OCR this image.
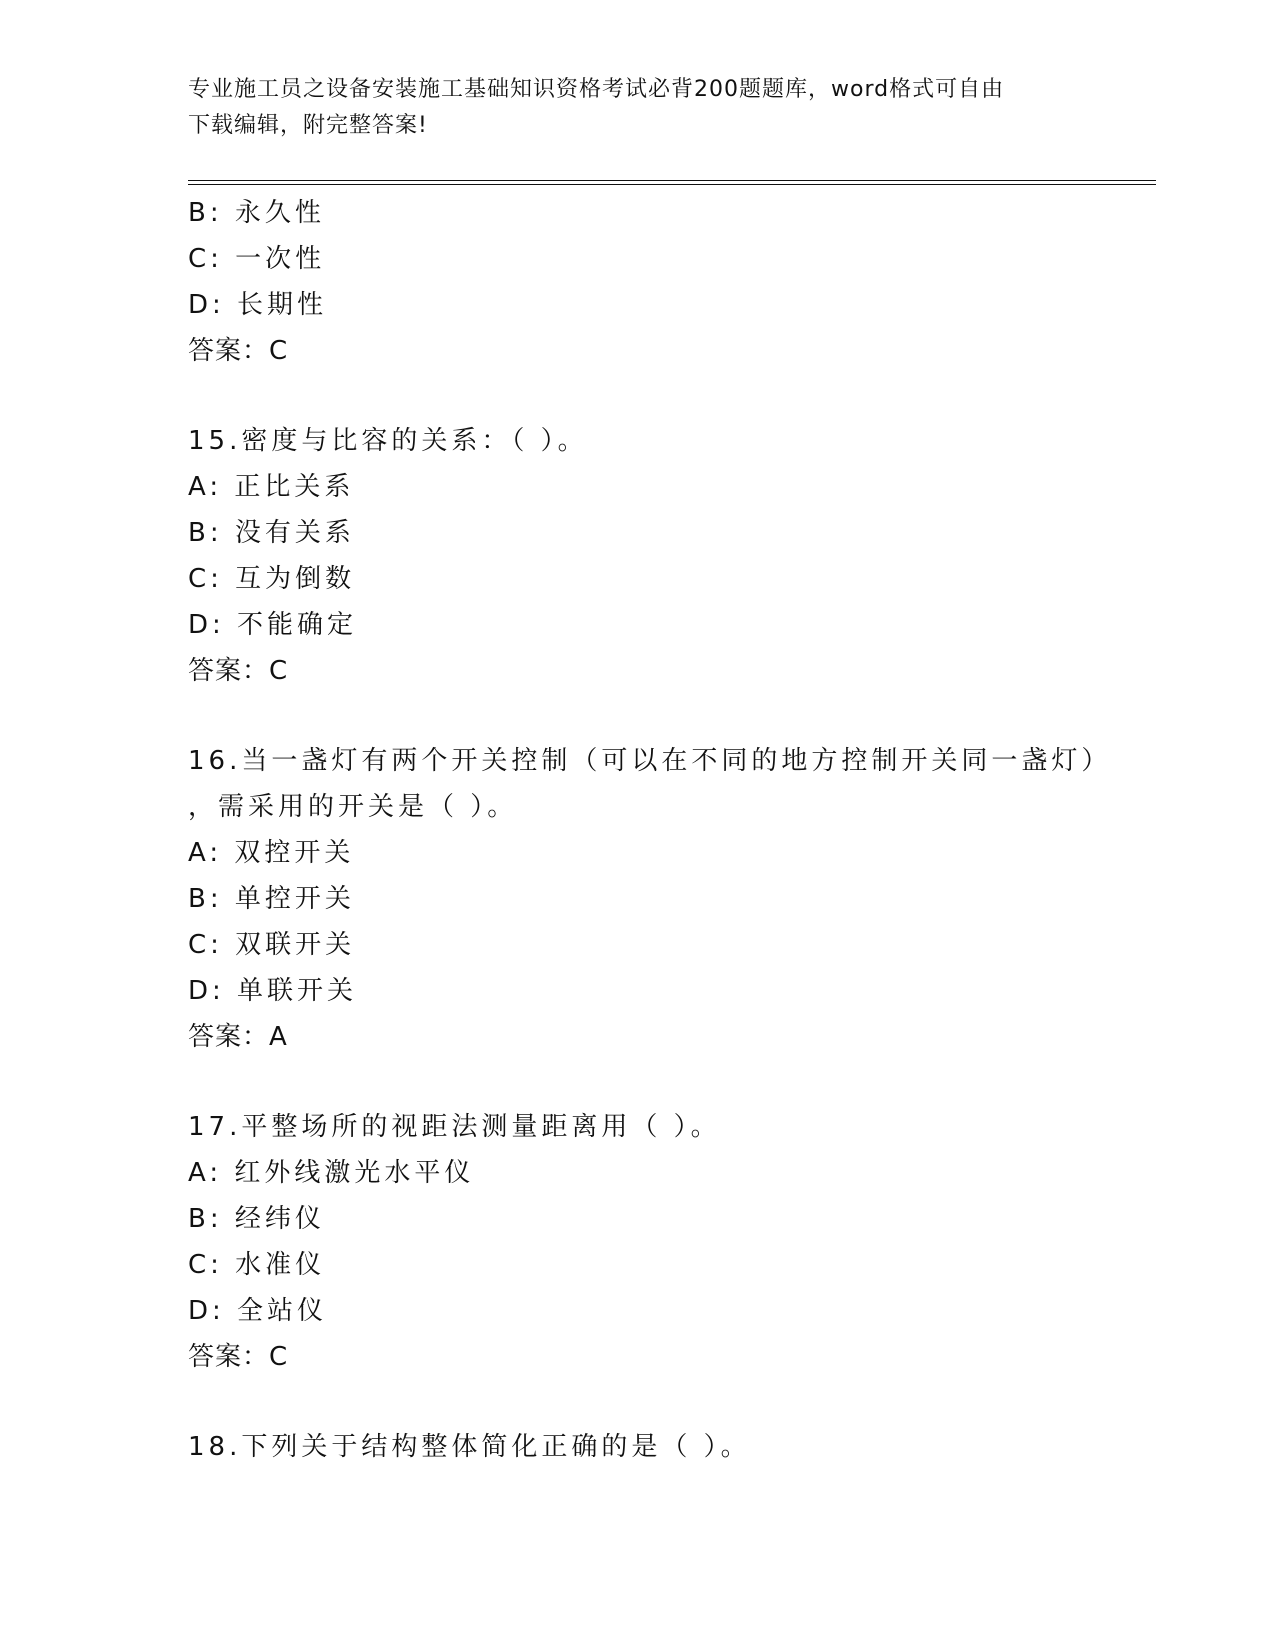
专业施工员之设备安装施工基础知识资格考试必背200题题库，word格式可自由
下载编辑，附完整答案!
B: 永久性
C: 一次性
D: 长期性
答案：C
15.密度与比容的关系：（ ）。
A: 正比关系
B: 没有关系
C: 互为倒数
D: 不能确定
答案：C
16.当一盏灯有两个开关控制（可以在不同的地方控制开关同一盏灯）
，需采用的开关是（ ）。
A: 双控开关
B: 单控开关
C: 双联开关
D: 单联开关
答案：A
17.平整场所的视距法测量距离用（ ）。
A: 红外线激光水平仪
B: 经纬仪
C: 水准仪
D: 全站仪
答案：C
18.下列关于结构整体简化正确的是（ ）。
